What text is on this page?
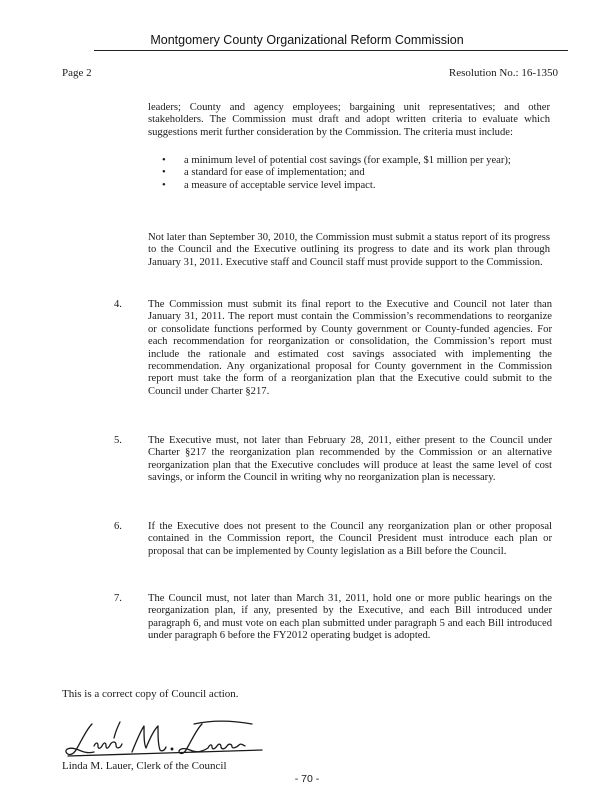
Montgomery County Organizational Reform Commission
Page 2	Resolution No.: 16-1350
leaders; County and agency employees; bargaining unit representatives; and other stakeholders. The Commission must draft and adopt written criteria to evaluate which suggestions merit further consideration by the Commission. The criteria must include:
• a minimum level of potential cost savings (for example, $1 million per year);
• a standard for ease of implementation; and
• a measure of acceptable service level impact.
Not later than September 30, 2010, the Commission must submit a status report of its progress to the Council and the Executive outlining its progress to date and its work plan through January 31, 2011. Executive staff and Council staff must provide support to the Commission.
4. The Commission must submit its final report to the Executive and Council not later than January 31, 2011. The report must contain the Commission’s recommendations to reorganize or consolidate functions performed by County government or County-funded agencies. For each recommendation for reorganization or consolidation, the Commission’s report must include the rationale and estimated cost savings associated with implementing the recommendation. Any organizational proposal for County government in the Commission report must take the form of a reorganization plan that the Executive could submit to the Council under Charter §217.
5. The Executive must, not later than February 28, 2011, either present to the Council under Charter §217 the reorganization plan recommended by the Commission or an alternative reorganization plan that the Executive concludes will produce at least the same level of cost savings, or inform the Council in writing why no reorganization plan is necessary.
6. If the Executive does not present to the Council any reorganization plan or other proposal contained in the Commission report, the Council President must introduce each plan or proposal that can be implemented by County legislation as a Bill before the Council.
7. The Council must, not later than March 31, 2011, hold one or more public hearings on the reorganization plan, if any, presented by the Executive, and each Bill introduced under paragraph 6, and must vote on each plan submitted under paragraph 5 and each Bill introduced under paragraph 6 before the FY2012 operating budget is adopted.
This is a correct copy of Council action.
Linda M. Lauer, Clerk of the Council
- 70 -
